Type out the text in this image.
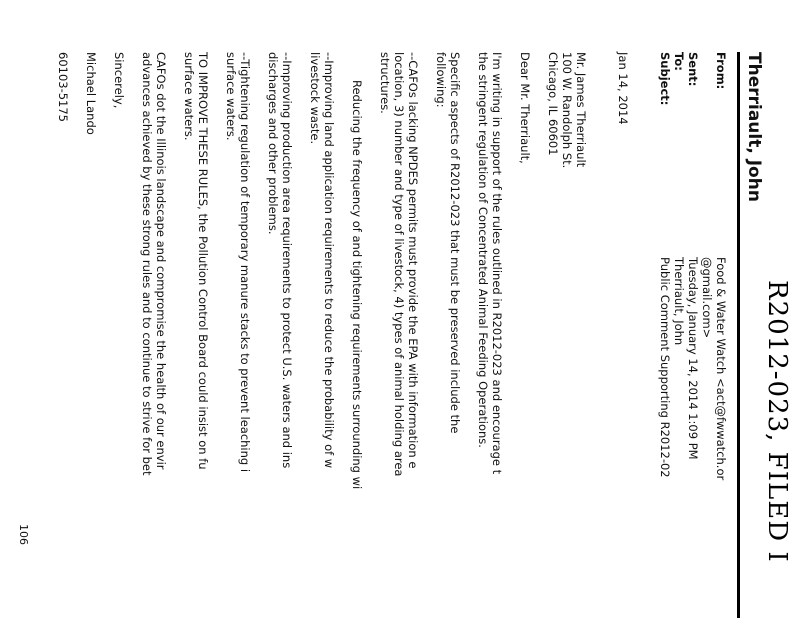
R2012-023, FILED I
Therriault, John
From:
Food & Water Watch <act@fwwatch.or
@gmail.com>
Sent:
Tuesday, January 14, 2014 1:09 PM
To:
Therriault, John
Subject:
Public Comment Supporting R2012-02
Jan 14, 2014
Mr. James Therriault
100 W. Randolph St.
Chicago, IL 60601
Dear Mr. Therriault,
I'm writing in support of the rules outlined in R2012-023 and encourage t
the stringent regulation of Concentrated Animal Feeding Operations.
Specific aspects of R2012-023 that must be preserved include the
following:
--CAFOs lacking NPDES permits must provide the EPA with information e
location, 3) number and type of livestock, 4) types of animal holding area
structures.
Reducing the frequency of and tightening requirements surrounding wi
--Improving land application requirements to reduce the probability of w
livestock waste.
--Improving production area requirements to protect U.S. waters and ins
discharges and other problems.
--Tightening regulation of temporary manure stacks to prevent leaching i
surface waters.
TO IMPROVE THESE RULES, the Pollution Control Board could insist on fu
surface waters.
CAFOs dot the Illinois landscape and compromise the health of our envir
advances achieved by these strong rules and to continue to strive for bet
Sincerely,
Michael Lando
60103-5175
106
